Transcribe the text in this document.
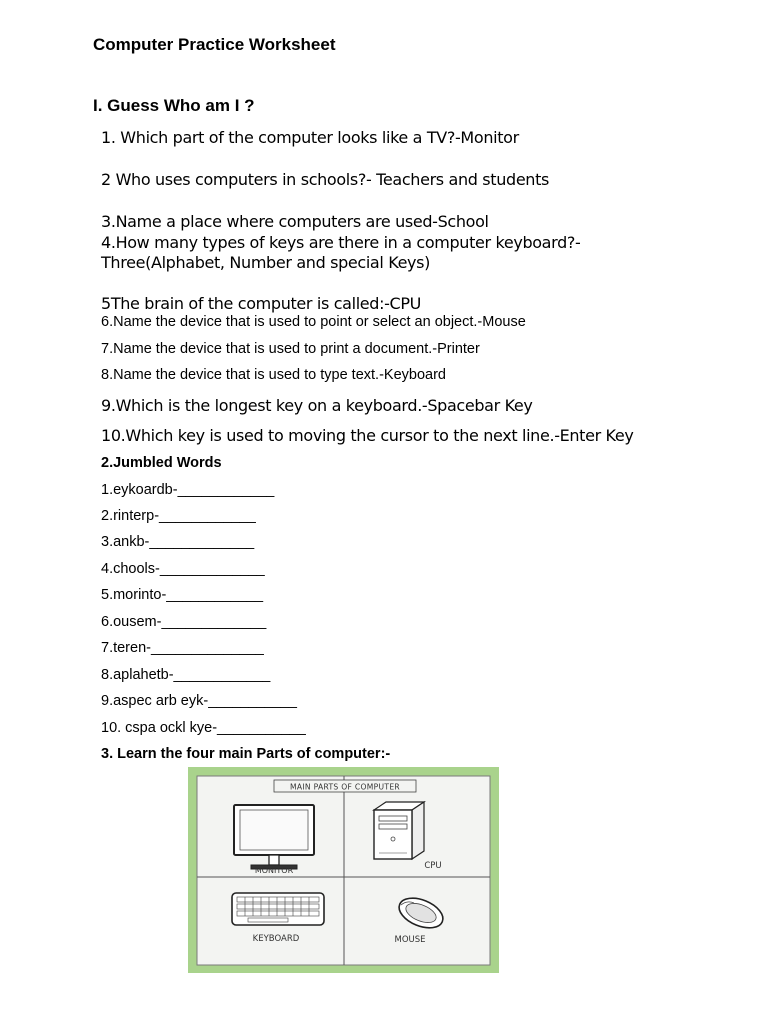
Computer Practice Worksheet
I. Guess Who am I ?
1. Which part of the computer looks like a TV?-Monitor
2 Who uses computers in schools?- Teachers and students
3.Name a place where computers are used-School
4.How many types of keys are there in a computer keyboard?-
Three(Alphabet, Number and special Keys)
5The brain of the computer is called:-CPU
6.Name the device that is used to point or select an object.-Mouse
7.Name the device that is used to print a document.-Printer
8.Name the device that is used to type text.-Keyboard
9.Which is the longest key on a keyboard.-Spacebar Key
10.Which key is used to moving the cursor to the next line.-Enter Key
2.Jumbled Words
1.eykoardb-____________
2.rinterp-____________
3.ankb-_____________
4.chools-_____________
5.morinto-____________
6.ousem-_____________
7.teren-______________
8.aplahetb-____________
9.aspec arb eyk-___________
10. cspa ockl kye-___________
3. Learn the four main Parts of computer:-
MAIN PARTS OF COMPUTER
MONITOR	CPU
KEYBOARD	MOUSE
